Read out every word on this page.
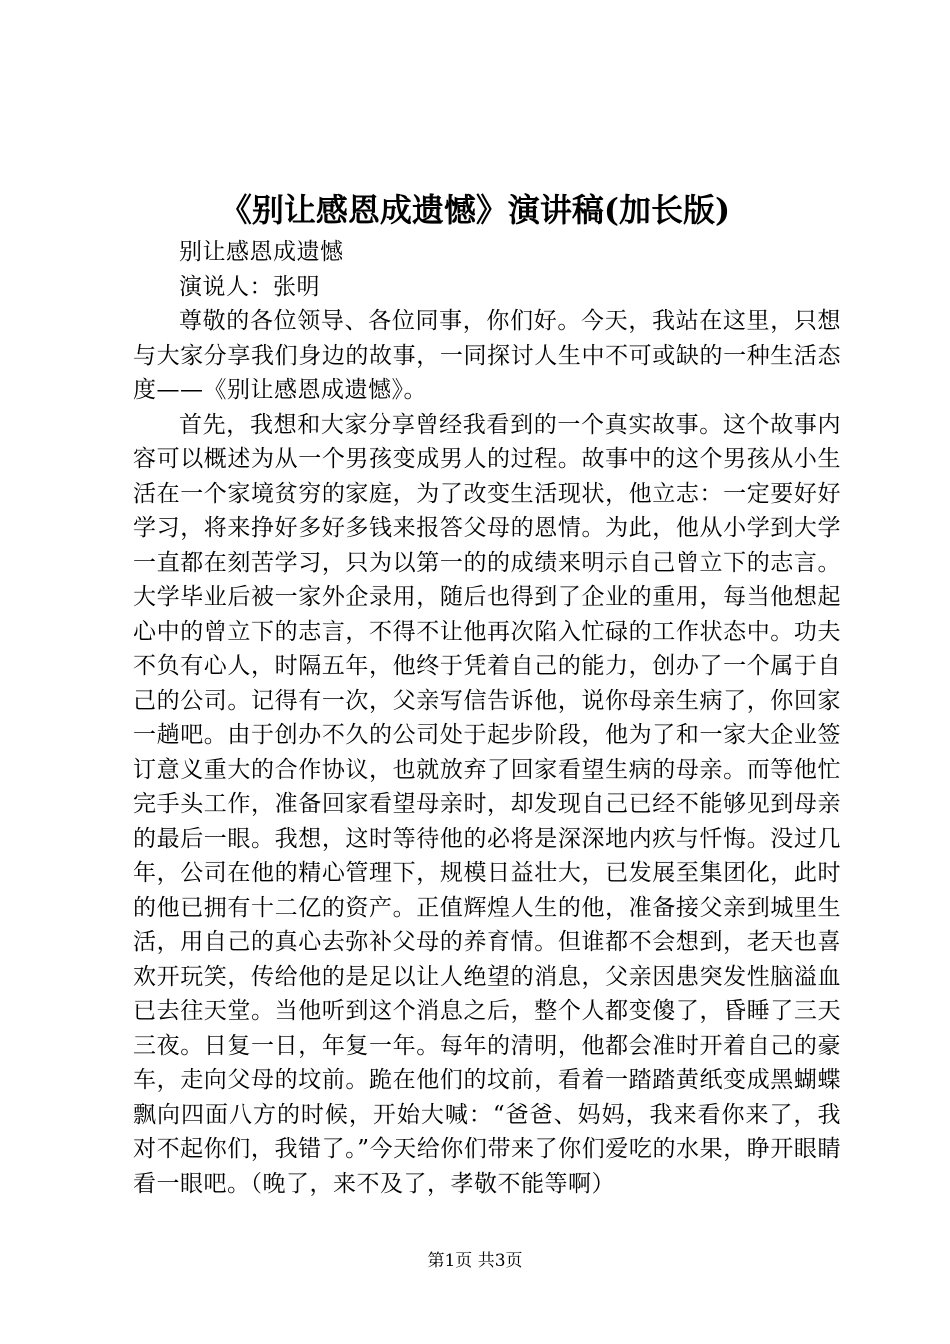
《别让感恩成遗憾》演讲稿(加长版)

别让感恩成遗憾

演说人：张明

尊敬的各位领导、各位同事，你们好。今天，我站在这里，只想与大家分享我们身边的故事，一同探讨人生中不可或缺的一种生活态度——《别让感恩成遗憾》。

首先，我想和大家分享曾经我看到的一个真实故事。这个故事内容可以概述为从一个男孩变成男人的过程。故事中的这个男孩从小生活在一个家境贫穷的家庭，为了改变生活现状，他立志：一定要好好学习，将来挣好多好多钱来报答父母的恩情。为此，他从小学到大学一直都在刻苦学习，只为以第一的的成绩来明示自己曾立下的志言。大学毕业后被一家外企录用，随后也得到了企业的重用，每当他想起心中的曾立下的志言，不得不让他再次陷入忙碌的工作状态中。功夫不负有心人，时隔五年，他终于凭着自己的能力，创办了一个属于自己的公司。记得有一次，父亲写信告诉他，说你母亲生病了，你回家一趟吧。由于创办不久的公司处于起步阶段，他为了和一家大企业签订意义重大的合作协议，也就放弃了回家看望生病的母亲。而等他忙完手头工作，准备回家看望母亲时，却发现自己已经不能够见到母亲的最后一眼。我想，这时等待他的必将是深深地内疚与忏悔。没过几年，公司在他的精心管理下，规模日益壮大，已发展至集团化，此时的他已拥有十二亿的资产。正值辉煌人生的他，准备接父亲到城里生活，用自己的真心去弥补父母的养育情。但谁都不会想到，老天也喜欢开玩笑，传给他的是足以让人绝望的消息，父亲因患突发性脑溢血已去往天堂。当他听到这个消息之后，整个人都变傻了，昏睡了三天三夜。日复一日，年复一年。每年的清明，他都会准时开着自己的豪车，走向父母的坟前。跪在他们的坟前，看着一踏踏黄纸变成黑蝴蝶飘向四面八方的时候，开始大喊：“爸爸、妈妈，我来看你来了，我对不起你们，我错了。”今天给你们带来了你们爱吃的水果，睁开眼睛看一眼吧。（晚了，来不及了，孝敬不能等啊）

第1页 共3页
